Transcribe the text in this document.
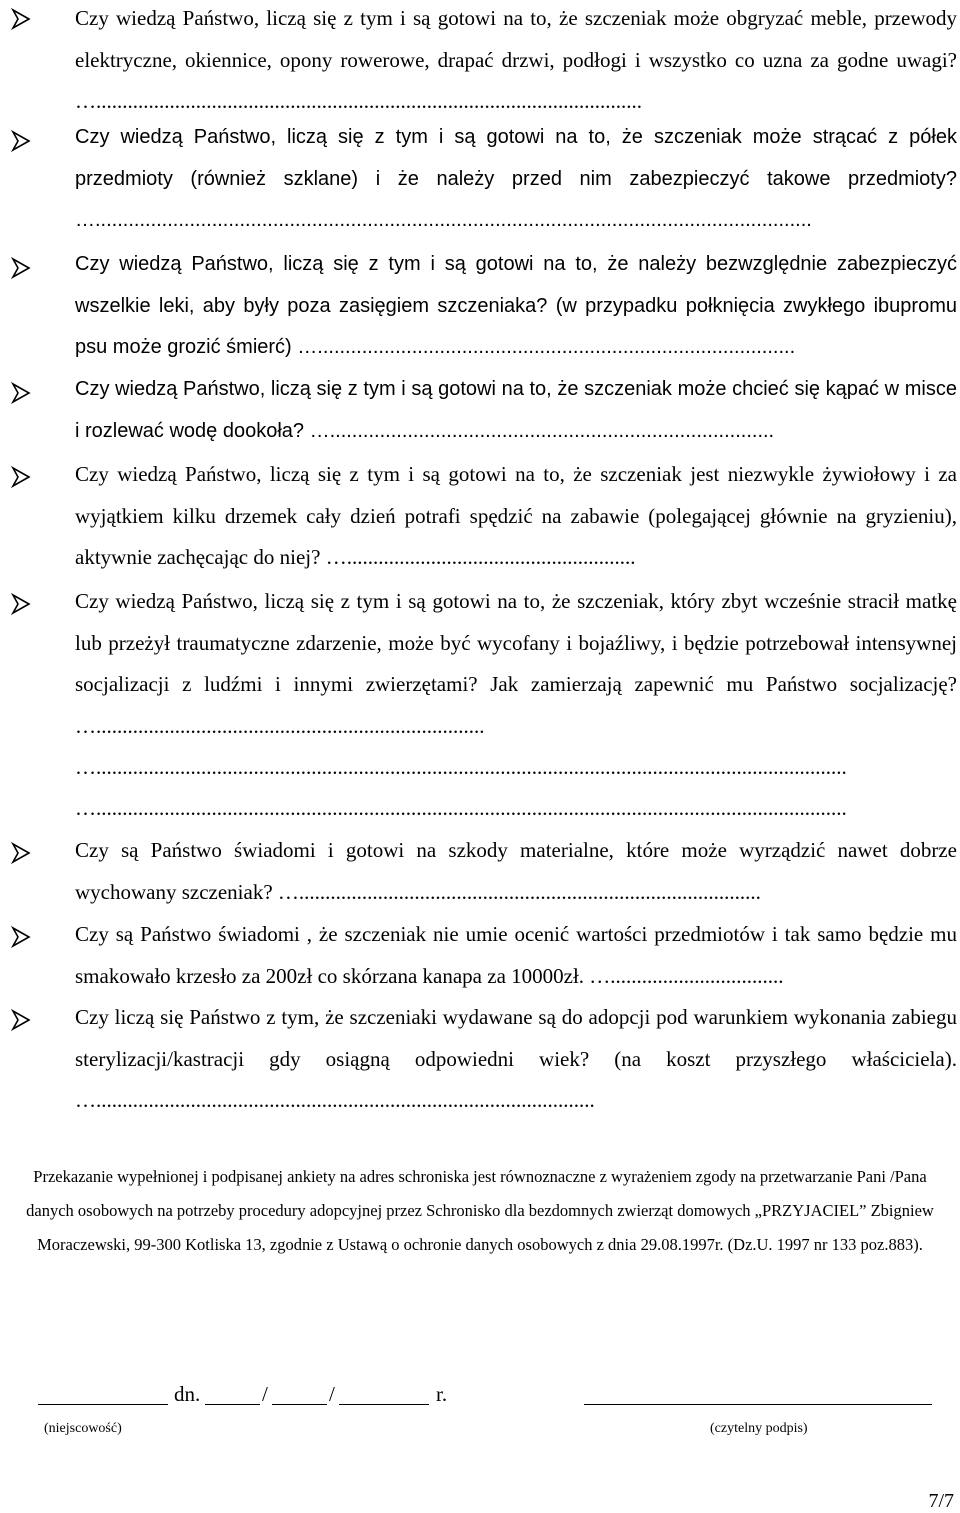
Czy wiedzą Państwo, liczą się z tym i są gotowi na to, że szczeniak może obgryzać meble, przewody elektryczne, okiennice, opony rowerowe, drapać drzwi, podłogi i wszystko co uzna za godne uwagi? …........................................................................................................

Czy wiedzą Państwo, liczą się z tym i są gotowi na to, że szczeniak może strącać z półek przedmioty (również szklane) i że należy przed nim zabezpieczyć takowe przedmioty? ….................................................................................................................................

Czy wiedzą Państwo, liczą się z tym i są gotowi na to, że należy bezwzględnie zabezpieczyć wszelkie leki, aby były poza zasięgiem szczeniaka? (w przypadku połknięcia zwykłego ibupromu psu może grozić śmierć) …......................................................................................

Czy wiedzą Państwo, liczą się z tym i są gotowi na to, że szczeniak może chcieć się kąpać w misce i rozlewać wodę dookoła? …................................................................................

Czy wiedzą Państwo, liczą się z tym i są gotowi na to, że szczeniak jest niezwykle żywiołowy i za wyjątkiem kilku drzemek cały dzień potrafi spędzić na zabawie (polegającej głównie na gryzieniu), aktywnie zachęcając do niej? ….......................................................

Czy wiedzą Państwo, liczą się z tym i są gotowi na to, że szczeniak, który zbyt wcześnie stracił matkę lub przeżył traumatyczne zdarzenie, może być wycofany i bojaźliwy, i będzie potrzebował intensywnej socjalizacji z ludźmi i innymi zwierzętami? Jak zamierzają zapewnić mu Państwo socjalizację? …..........................................................................

…...............................................................................................................................................

…...............................................................................................................................................

Czy są Państwo świadomi i gotowi na szkody materialne, które może wyrządzić nawet dobrze wychowany szczeniak? …........................................................................................

Czy są Państwo świadomi , że szczeniak nie umie ocenić wartości przedmiotów i tak samo będzie mu smakowało krzesło za 200zł co skórzana kanapa za 10000zł. ….................................

Czy liczą się Państwo z tym, że szczeniaki wydawane są do adopcji pod warunkiem wykonania zabiegu sterylizacji/kastracji gdy osiągną odpowiedni wiek? (na koszt przyszłego właściciela). …...............................................................................................

Przekazanie wypełnionej i podpisanej ankiety na adres schroniska jest równoznaczne z wyrażeniem zgody na przetwarzanie Pani /Pana danych osobowych na potrzeby procedury adopcyjnej przez Schronisko dla bezdomnych zwierząt domowych „PRZYJACIEL” Zbigniew Moraczewski, 99-300 Kotliska 13, zgodnie z Ustawą o ochronie danych osobowych z dnia 29.08.1997r. (Dz.U. 1997 nr 133 poz.883).

dn.	/	/	r.
(niejscowość)	(czytelny podpis)
7/7
